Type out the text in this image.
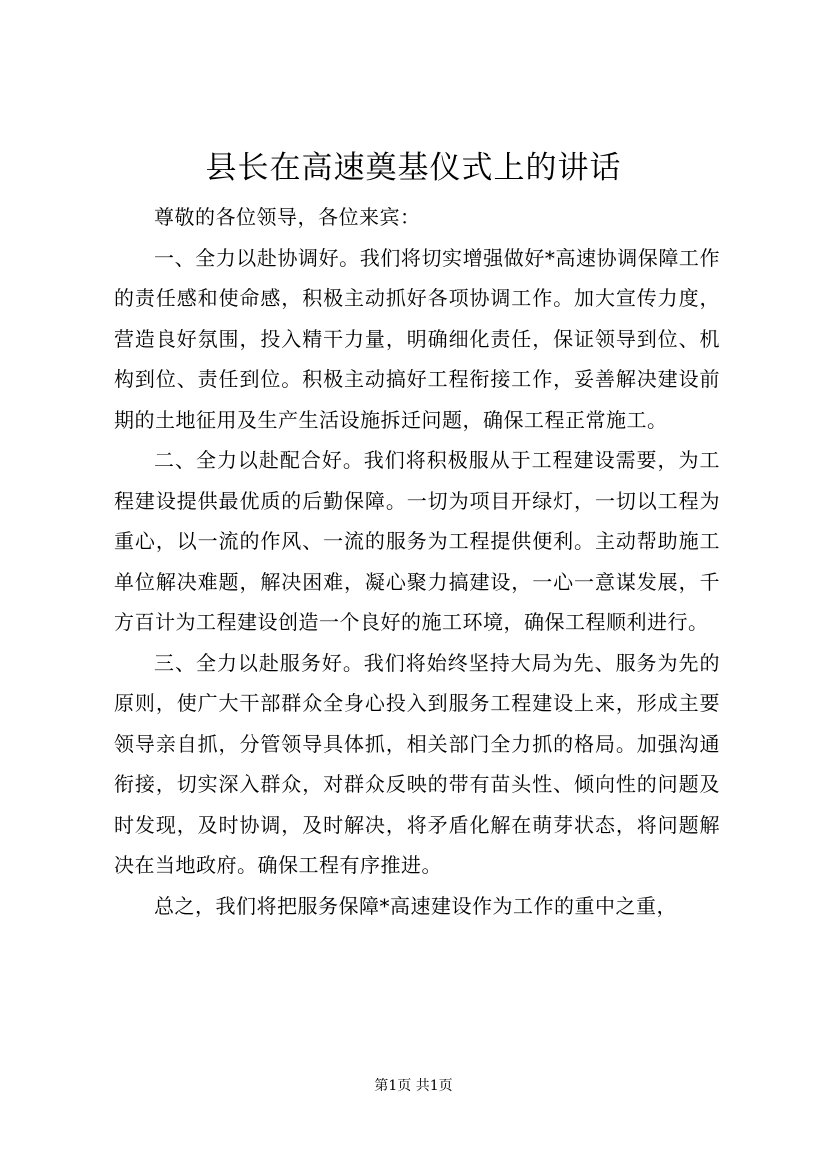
县长在高速奠基仪式上的讲话

尊敬的各位领导，各位来宾：

一、全力以赴协调好。我们将切实增强做好*高速协调保障工作的责任感和使命感，积极主动抓好各项协调工作。加大宣传力度，营造良好氛围，投入精干力量，明确细化责任，保证领导到位、机构到位、责任到位。积极主动搞好工程衔接工作，妥善解决建设前期的土地征用及生产生活设施拆迁问题，确保工程正常施工。

二、全力以赴配合好。我们将积极服从于工程建设需要，为工程建设提供最优质的后勤保障。一切为项目开绿灯，一切以工程为重心，以一流的作风、一流的服务为工程提供便利。主动帮助施工单位解决难题，解决困难，凝心聚力搞建设，一心一意谋发展，千方百计为工程建设创造一个良好的施工环境，确保工程顺利进行。

三、全力以赴服务好。我们将始终坚持大局为先、服务为先的原则，使广大干部群众全身心投入到服务工程建设上来，形成主要领导亲自抓，分管领导具体抓，相关部门全力抓的格局。加强沟通衔接，切实深入群众，对群众反映的带有苗头性、倾向性的问题及时发现，及时协调，及时解决，将矛盾化解在萌芽状态，将问题解决在当地政府。确保工程有序推进。

总之，我们将把服务保障*高速建设作为工作的重中之重，

第1页 共1页
